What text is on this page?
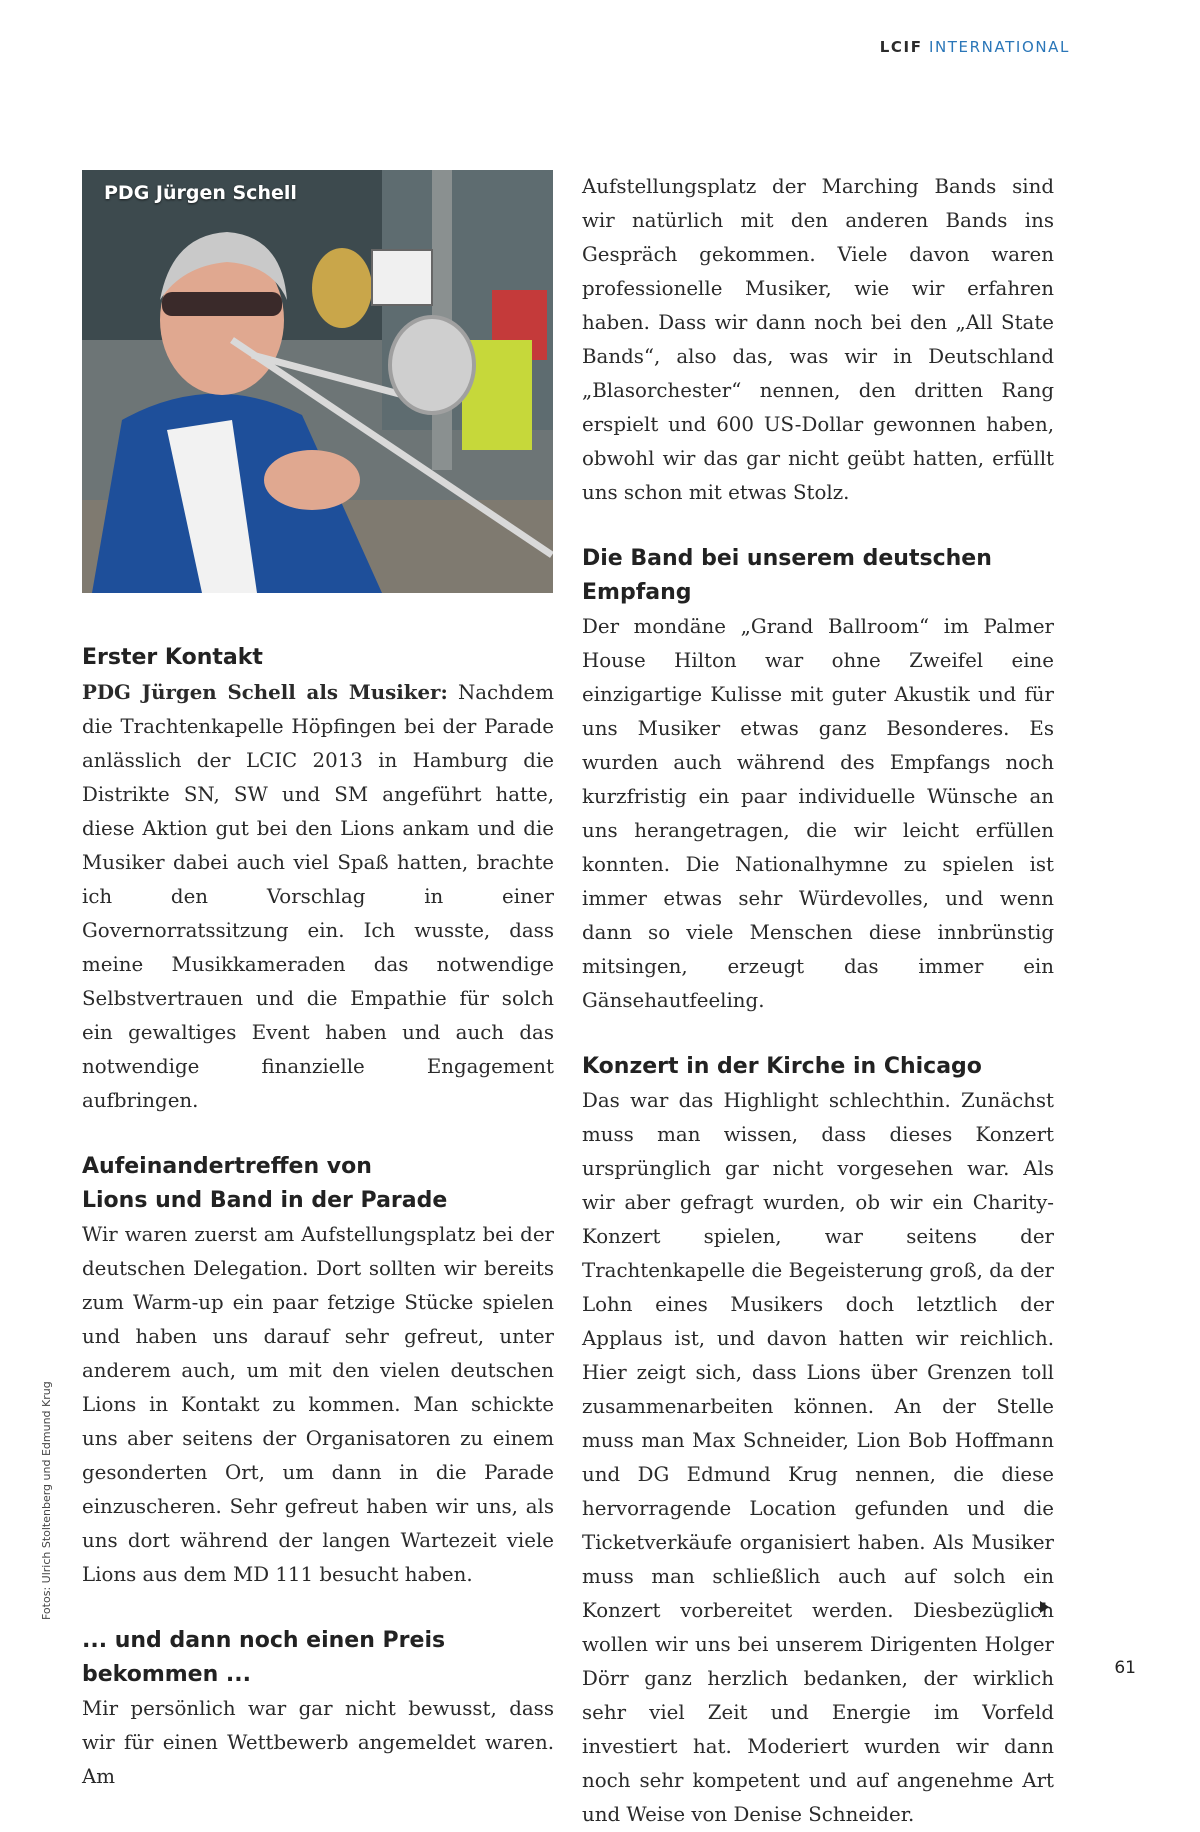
LCIF INTERNATIONAL
PDG Jürgen Schell
Erster Kontakt

PDG Jürgen Schell als Musiker: Nachdem die Trachtenkapelle Höpfingen bei der Parade anlässlich der LCIC 2013 in Hamburg die Distrikte SN, SW und SM angeführt hatte, diese Aktion gut bei den Lions ankam und die Musiker dabei auch viel Spaß hatten, brachte ich den Vorschlag in einer Governorratssitzung ein. Ich wusste, dass meine Musikkameraden das notwendige Selbstvertrauen und die Empathie für solch ein gewaltiges Event haben und auch das notwendige finanzielle Engagement aufbringen.

Aufeinandertreffen von
Lions und Band in der Parade

Wir waren zuerst am Aufstellungsplatz bei der deutschen Delegation. Dort sollten wir bereits zum Warm-up ein paar fetzige Stücke spielen und haben uns darauf sehr gefreut, unter anderem auch, um mit den vielen deutschen Lions in Kontakt zu kommen. Man schickte uns aber seitens der Organisatoren zu einem gesonderten Ort, um dann in die Parade einzuscheren. Sehr gefreut haben wir uns, als uns dort während der langen Wartezeit viele Lions aus dem MD 111 besucht haben.

... und dann noch einen Preis bekommen ...

Mir persönlich war gar nicht bewusst, dass wir für einen Wettbewerb angemeldet waren. Am

Aufstellungsplatz der Marching Bands sind wir natürlich mit den anderen Bands ins Gespräch gekommen. Viele davon waren professionelle Musiker, wie wir erfahren haben. Dass wir dann noch bei den „All State Bands“, also das, was wir in Deutschland „Blasorchester“ nennen, den dritten Rang erspielt und 600 US-Dollar gewonnen haben, obwohl wir das gar nicht geübt hatten, erfüllt uns schon mit etwas Stolz.

Die Band bei unserem deutschen Empfang

Der mondäne „Grand Ballroom“ im Palmer House Hilton war ohne Zweifel eine einzigartige Kulisse mit guter Akustik und für uns Musiker etwas ganz Besonderes. Es wurden auch während des Empfangs noch kurzfristig ein paar individuelle Wünsche an uns herangetragen, die wir leicht erfüllen konnten. Die Nationalhymne zu spielen ist immer etwas sehr Würdevolles, und wenn dann so viele Menschen diese innbrünstig mitsingen, erzeugt das immer ein Gänsehautfeeling.

Konzert in der Kirche in Chicago

Das war das Highlight schlechthin. Zunächst muss man wissen, dass dieses Konzert ursprünglich gar nicht vorgesehen war. Als wir aber gefragt wurden, ob wir ein Charity-Konzert spielen, war seitens der Trachtenkapelle die Begeisterung groß, da der Lohn eines Musikers doch letztlich der Applaus ist, und davon hatten wir reichlich. Hier zeigt sich, dass Lions über Grenzen toll zusammenarbeiten können. An der Stelle muss man Max Schneider, Lion Bob Hoffmann und DG Edmund Krug nennen, die diese hervorragende Location gefunden und die Ticketverkäufe organisiert haben. Als Musiker muss man schließlich auch auf solch ein Konzert vorbereitet werden. Diesbezüglich wollen wir uns bei unserem Dirigenten Holger Dörr ganz herzlich bedanken, der wirklich sehr viel Zeit und Energie im Vorfeld investiert hat. Moderiert wurden wir dann noch sehr kompetent und auf angenehme Art und Weise von Denise Schneider.

Fotos: Ulrich Stoltenberg und Edmund Krug
61
